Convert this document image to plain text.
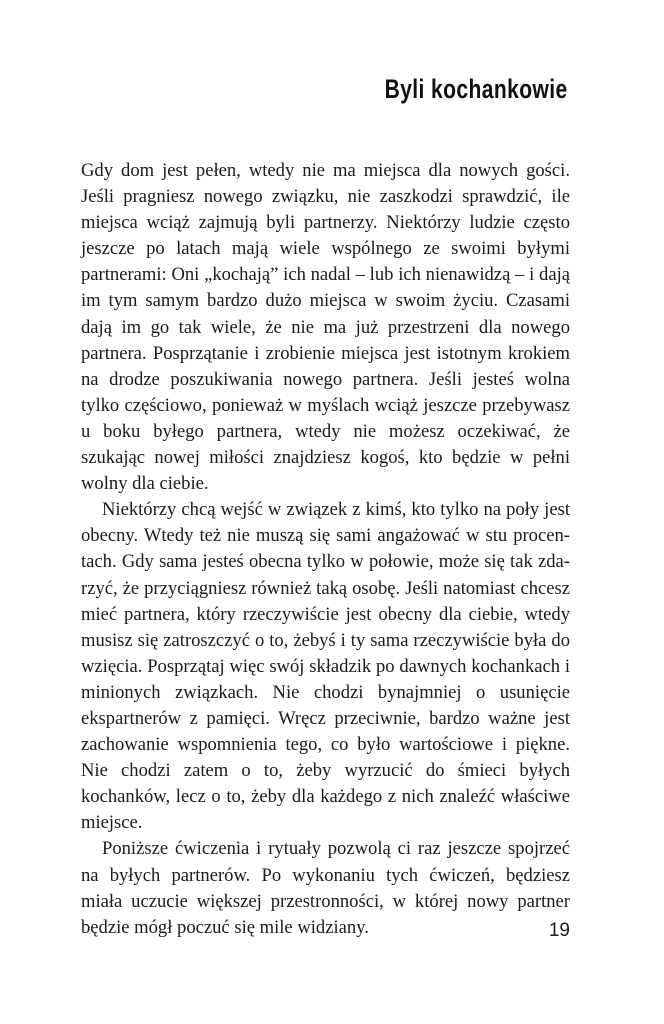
Byli kochankowie

Gdy dom jest pełen, wtedy nie ma miejsca dla nowych gości. Jeśli pragniesz nowego związku, nie zaszkodzi sprawdzić, ile miejsca wciąż zajmują byli partnerzy. Niektórzy ludzie często jeszcze po latach mają wiele wspólnego ze swoimi byłymi partnerami: Oni „kochają” ich nadal – lub ich nienawidzą – i dają im tym samym bardzo dużo miejsca w swoim życiu. Czasami dają im go tak wiele, że nie ma już przestrzeni dla nowego partnera. Posprzątanie i zrobienie miejsca jest istotnym krokiem na drodze poszukiwania nowego partnera. Jeśli jesteś wolna tylko częściowo, ponieważ w myślach wciąż jeszcze przebywasz u boku byłego partnera, wtedy nie możesz oczekiwać, że szukając nowej miłości znajdziesz kogoś, kto będzie w pełni wolny dla ciebie.

Niektórzy chcą wejść w związek z kimś, kto tylko na poły jest obecny. Wtedy też nie muszą się sami angażować w stu procentach. Gdy sama jesteś obecna tylko w połowie, może się tak zdarzyć, że przyciągniesz również taką osobę. Jeśli natomiast chcesz mieć partnera, który rzeczywiście jest obecny dla ciebie, wtedy musisz się zatroszczyć o to, żebyś i ty sama rzeczywiście była do wzięcia. Posprzątaj więc swój składzik po dawnych kochankach i minionych związkach. Nie chodzi bynajmniej o usunięcie ekspartnerów z pamięci. Wręcz przeciwnie, bardzo ważne jest zachowanie wspomnienia tego, co było wartościowe i piękne. Nie chodzi zatem o to, żeby wyrzucić do śmieci byłych kochanków, lecz o to, żeby dla każdego z nich znaleźć właściwe miejsce.

Poniższe ćwiczenia i rytuały pozwolą ci raz jeszcze spojrzeć na byłych partnerów. Po wykonaniu tych ćwiczeń, będziesz miała uczucie większej przestronności, w której nowy partner będzie mógł poczuć się mile widziany.	19
